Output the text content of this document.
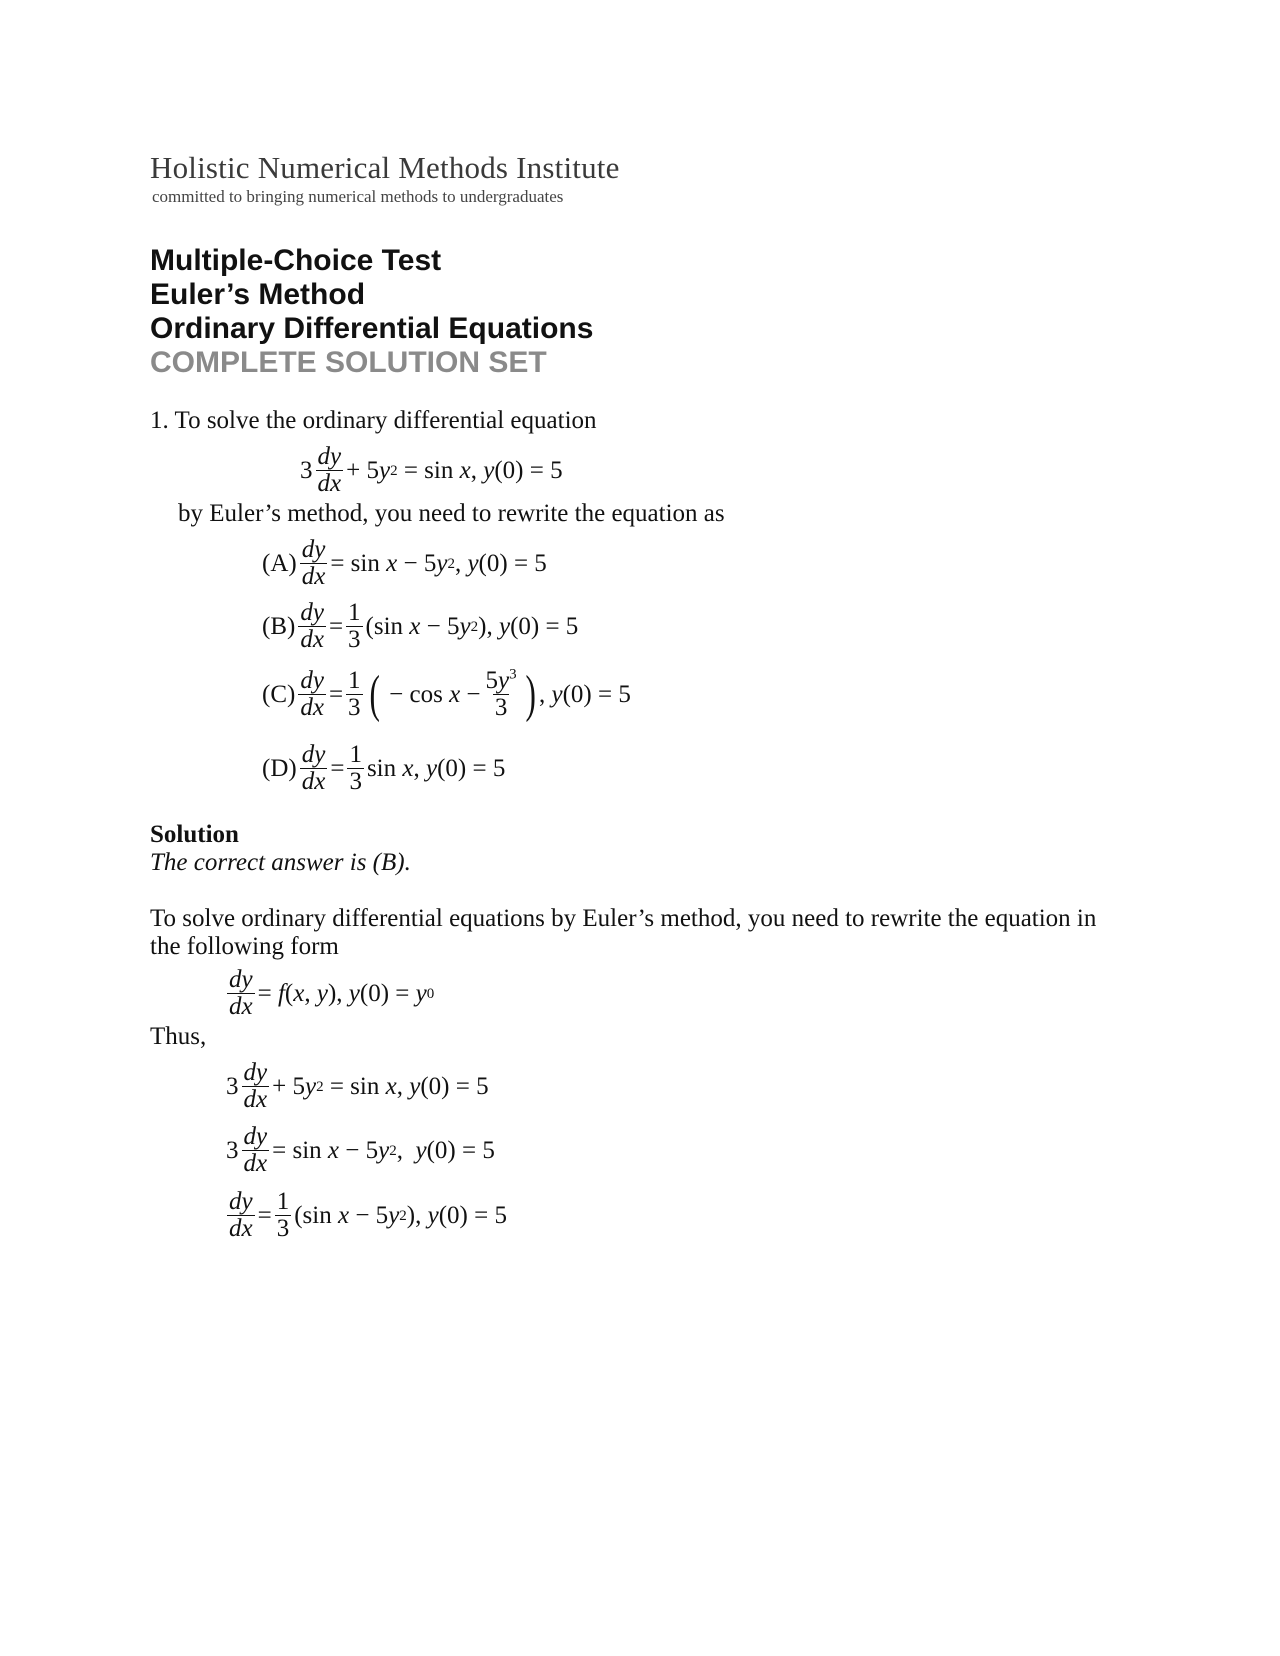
Holistic Numerical Methods Institute
committed to bringing numerical methods to undergraduates
Multiple-Choice Test
Euler’s Method
Ordinary Differential Equations
COMPLETE SOLUTION SET
1. To solve the ordinary differential equation
$3 \frac{dy}{dx} + 5$ y 2 = sin x , y (0) = 5
by Euler’s method, you need to rewrite the equation as
$(A) \frac{dy}{dx} = \sin x - 5$ y 2 , y (0) = 5
$(B) \frac{dy}{dx} = \frac{1}{3} (\sin$ x − 5 y 2 ), y (0) = 5
$(C) \frac{dy}{dx} = \frac{1}{3}$ ( − $\cos x - \frac{5y^3}{3}$ ) , y (0) = 5
$(D) \frac{dy}{dx} = \frac{1}{3}$ sin x , y (0) = 5
Solution
The correct answer is (B).
To solve ordinary differential equations by Euler’s method, you need to rewrite the equation in
the following form
$\frac{dy}{dx} = f$ ( x , y ), y (0) = y 0
Thus,
$3 \frac{dy}{dx} + 5$ y 2 = sin x , y (0) = 5
$3 \frac{dy}{dx} = \sin x - 5$ y 2 , y (0) = 5
$\frac{dy}{dx} = \frac{1}{3} (\sin$ x − 5 y 2 ), y (0) = 5
